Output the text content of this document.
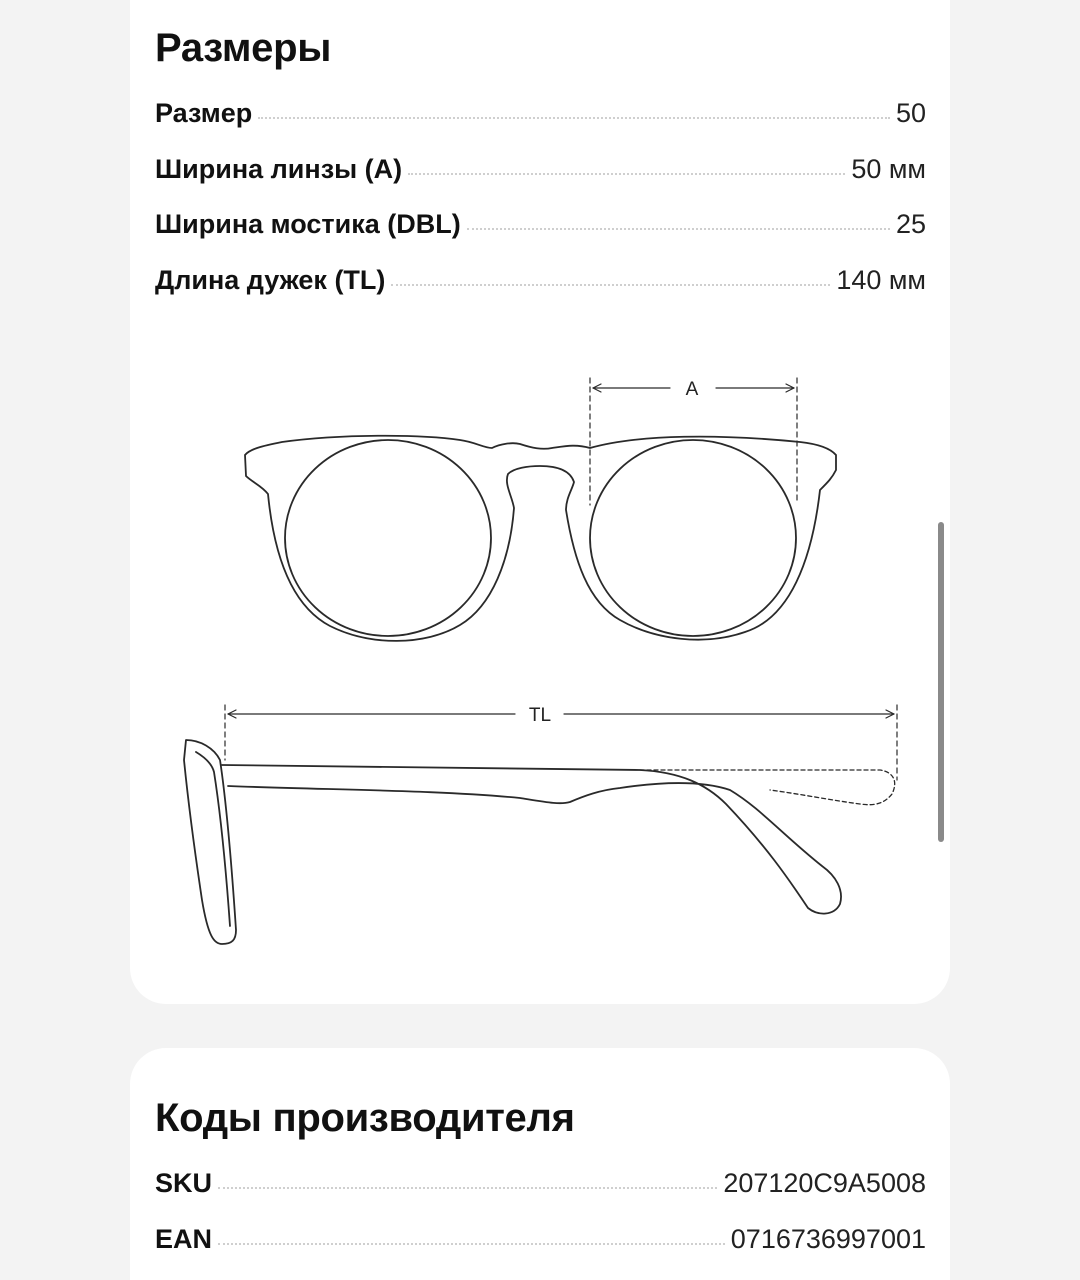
Размеры
Размер	50
Ширина линзы (A)	50 мм
Ширина мостика (DBL)	25
Длина дужек (TL)	140 мм
A
TL
Коды производителя
SKU	207120C9A5008
EAN	0716736997001
